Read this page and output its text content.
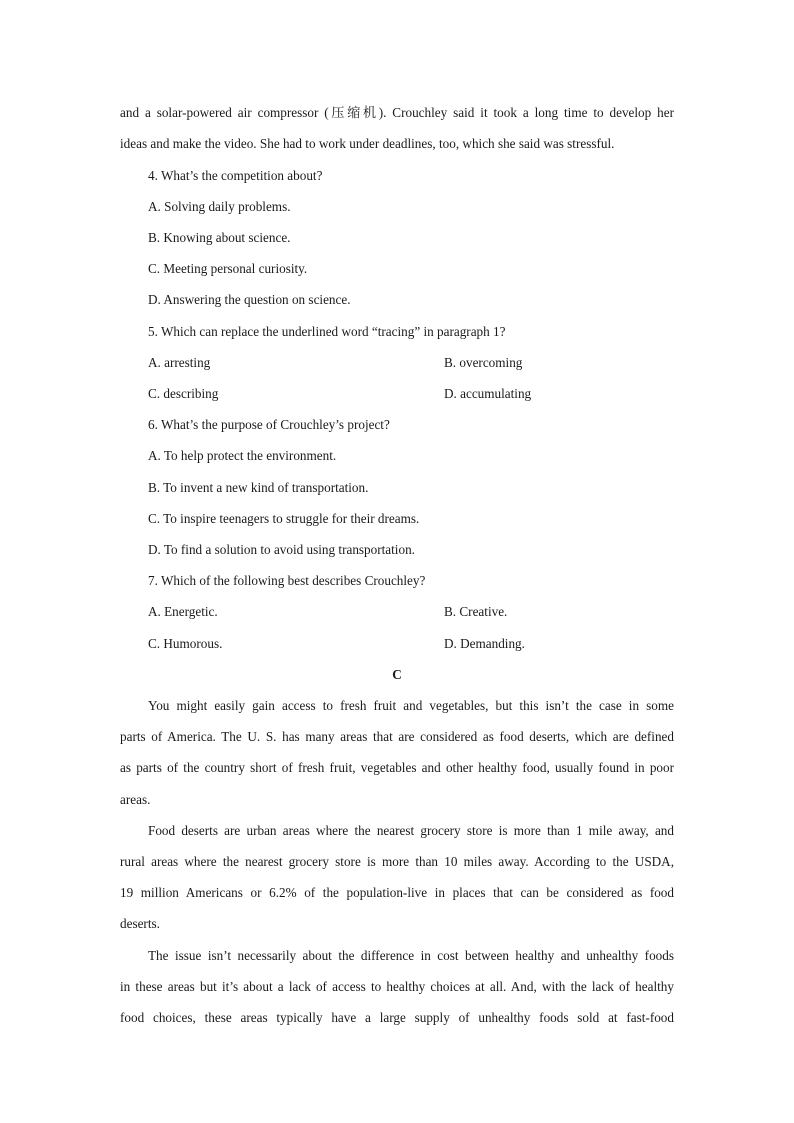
and a solar-powered air compressor (压缩机). Crouchley said it took a long time to develop her
ideas and make the video. She had to work under deadlines, too, which she said was stressful.
4. What’s the competition about?
A. Solving daily problems.
B. Knowing about science.
C. Meeting personal curiosity.
D. Answering the question on science.
5. Which can replace the underlined word “tracing” in paragraph 1?
A. arresting	B. overcoming
C. describing	D. accumulating
6. What’s the purpose of Crouchley’s project?
A. To help protect the environment.
B. To invent a new kind of transportation.
C. To inspire teenagers to struggle for their dreams.
D. To find a solution to avoid using transportation.
7. Which of the following best describes Crouchley?
A. Energetic.	B. Creative.
C. Humorous.	D. Demanding.
C
You might easily gain access to fresh fruit and vegetables, but this isn’t the case in some
parts of America. The U. S. has many areas that are considered as food deserts, which are defined
as parts of the country short of fresh fruit, vegetables and other healthy food, usually found in poor
areas.
Food deserts are urban areas where the nearest grocery store is more than 1 mile away, and
rural areas where the nearest grocery store is more than 10 miles away. According to the USDA,
19 million Americans or 6.2% of the population-live in places that can be considered as food
deserts.
The issue isn’t necessarily about the difference in cost between healthy and unhealthy foods
in these areas but it’s about a lack of access to healthy choices at all. And, with the lack of healthy
food choices, these areas typically have a large supply of unhealthy foods sold at fast-food
